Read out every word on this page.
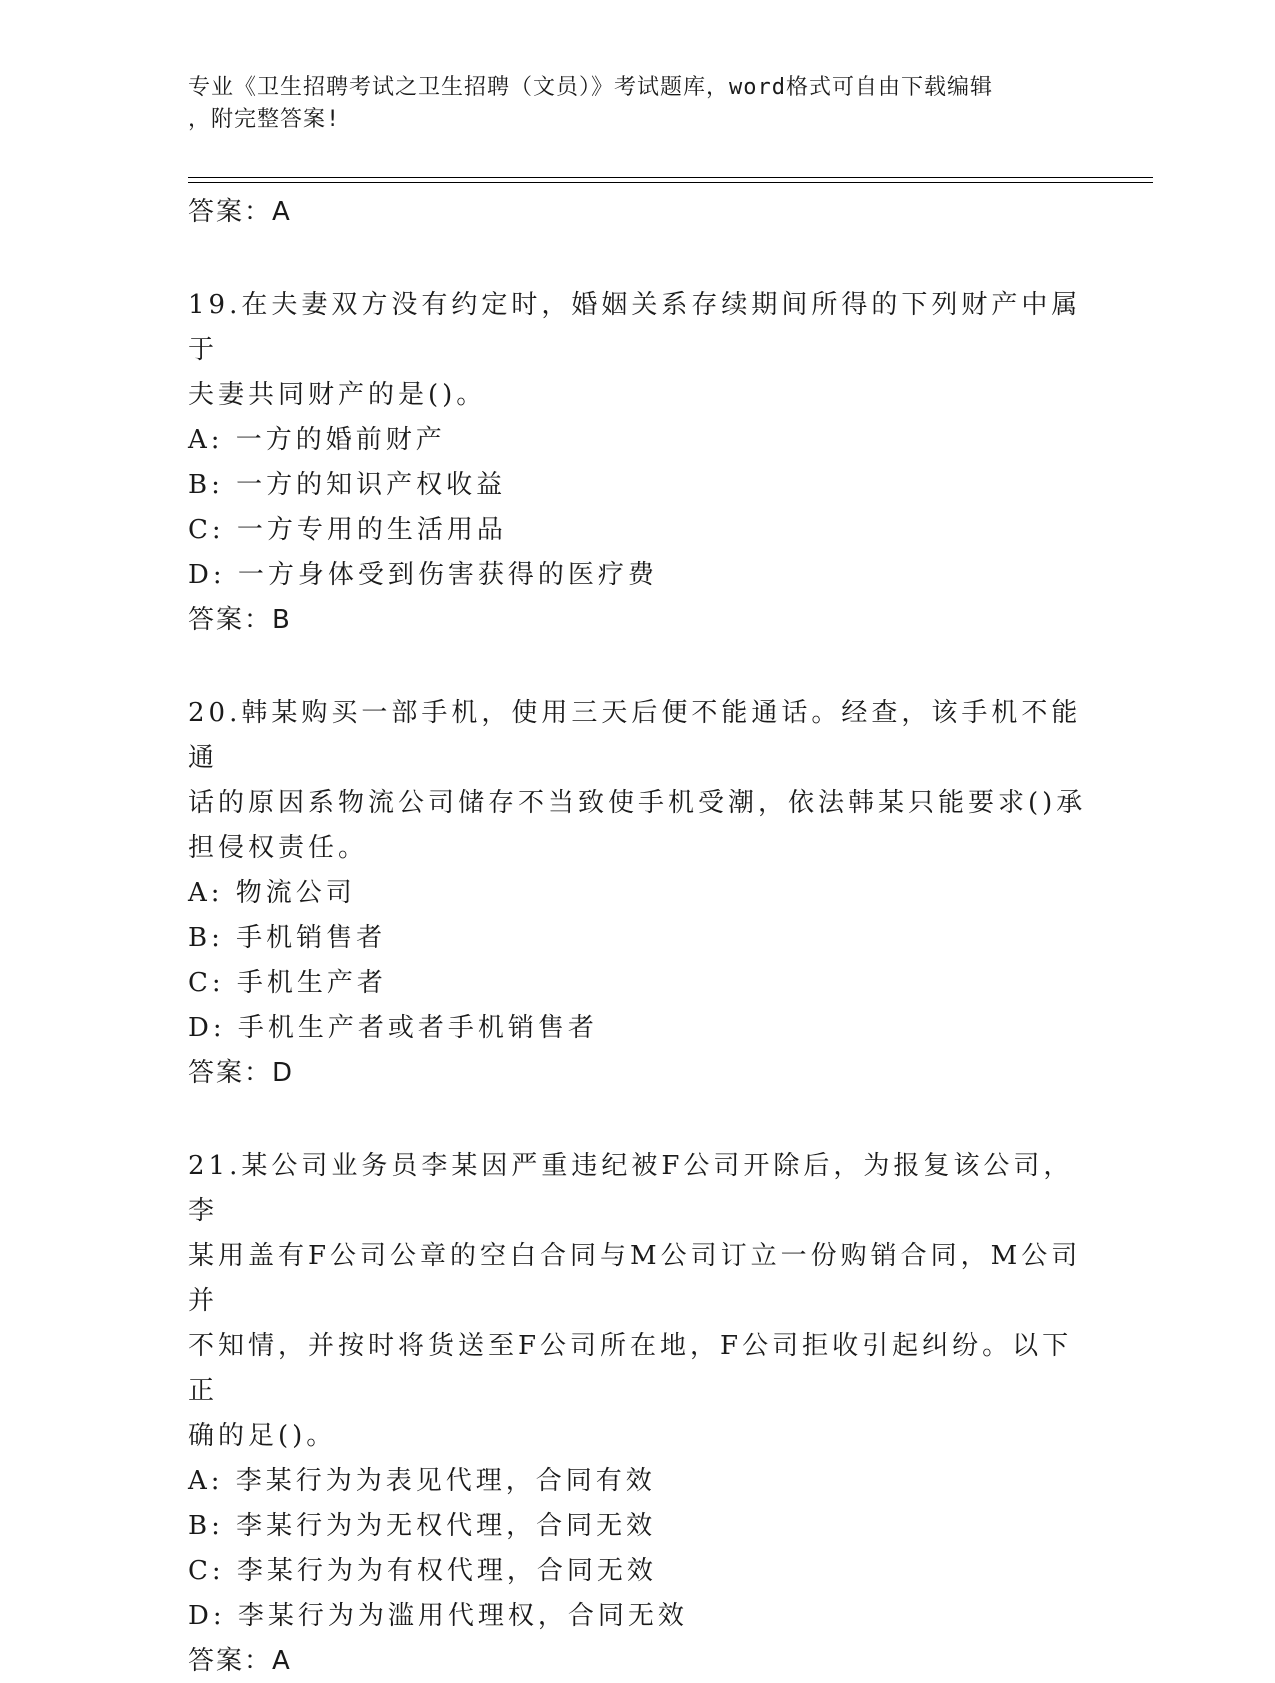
专业《卫生招聘考试之卫生招聘（文员）》考试题库，word格式可自由下载编辑
，附完整答案!
答案：A
19.在夫妻双方没有约定时，婚姻关系存续期间所得的下列财产中属于
夫妻共同财产的是()。
A: 一方的婚前财产
B: 一方的知识产权收益
C: 一方专用的生活用品
D: 一方身体受到伤害获得的医疗费
答案：B
20.韩某购买一部手机，使用三天后便不能通话。经查，该手机不能通
话的原因系物流公司储存不当致使手机受潮，依法韩某只能要求()承
担侵权责任。
A: 物流公司
B: 手机销售者
C: 手机生产者
D: 手机生产者或者手机销售者
答案：D
21.某公司业务员李某因严重违纪被F公司开除后，为报复该公司，李
某用盖有F公司公章的空白合同与M公司订立一份购销合同，M公司并
不知情，并按时将货送至F公司所在地，F公司拒收引起纠纷。以下正
确的足()。
A: 李某行为为表见代理，合同有效
B: 李某行为为无权代理，合同无效
C: 李某行为为有权代理，合同无效
D: 李某行为为滥用代理权，合同无效
答案：A
